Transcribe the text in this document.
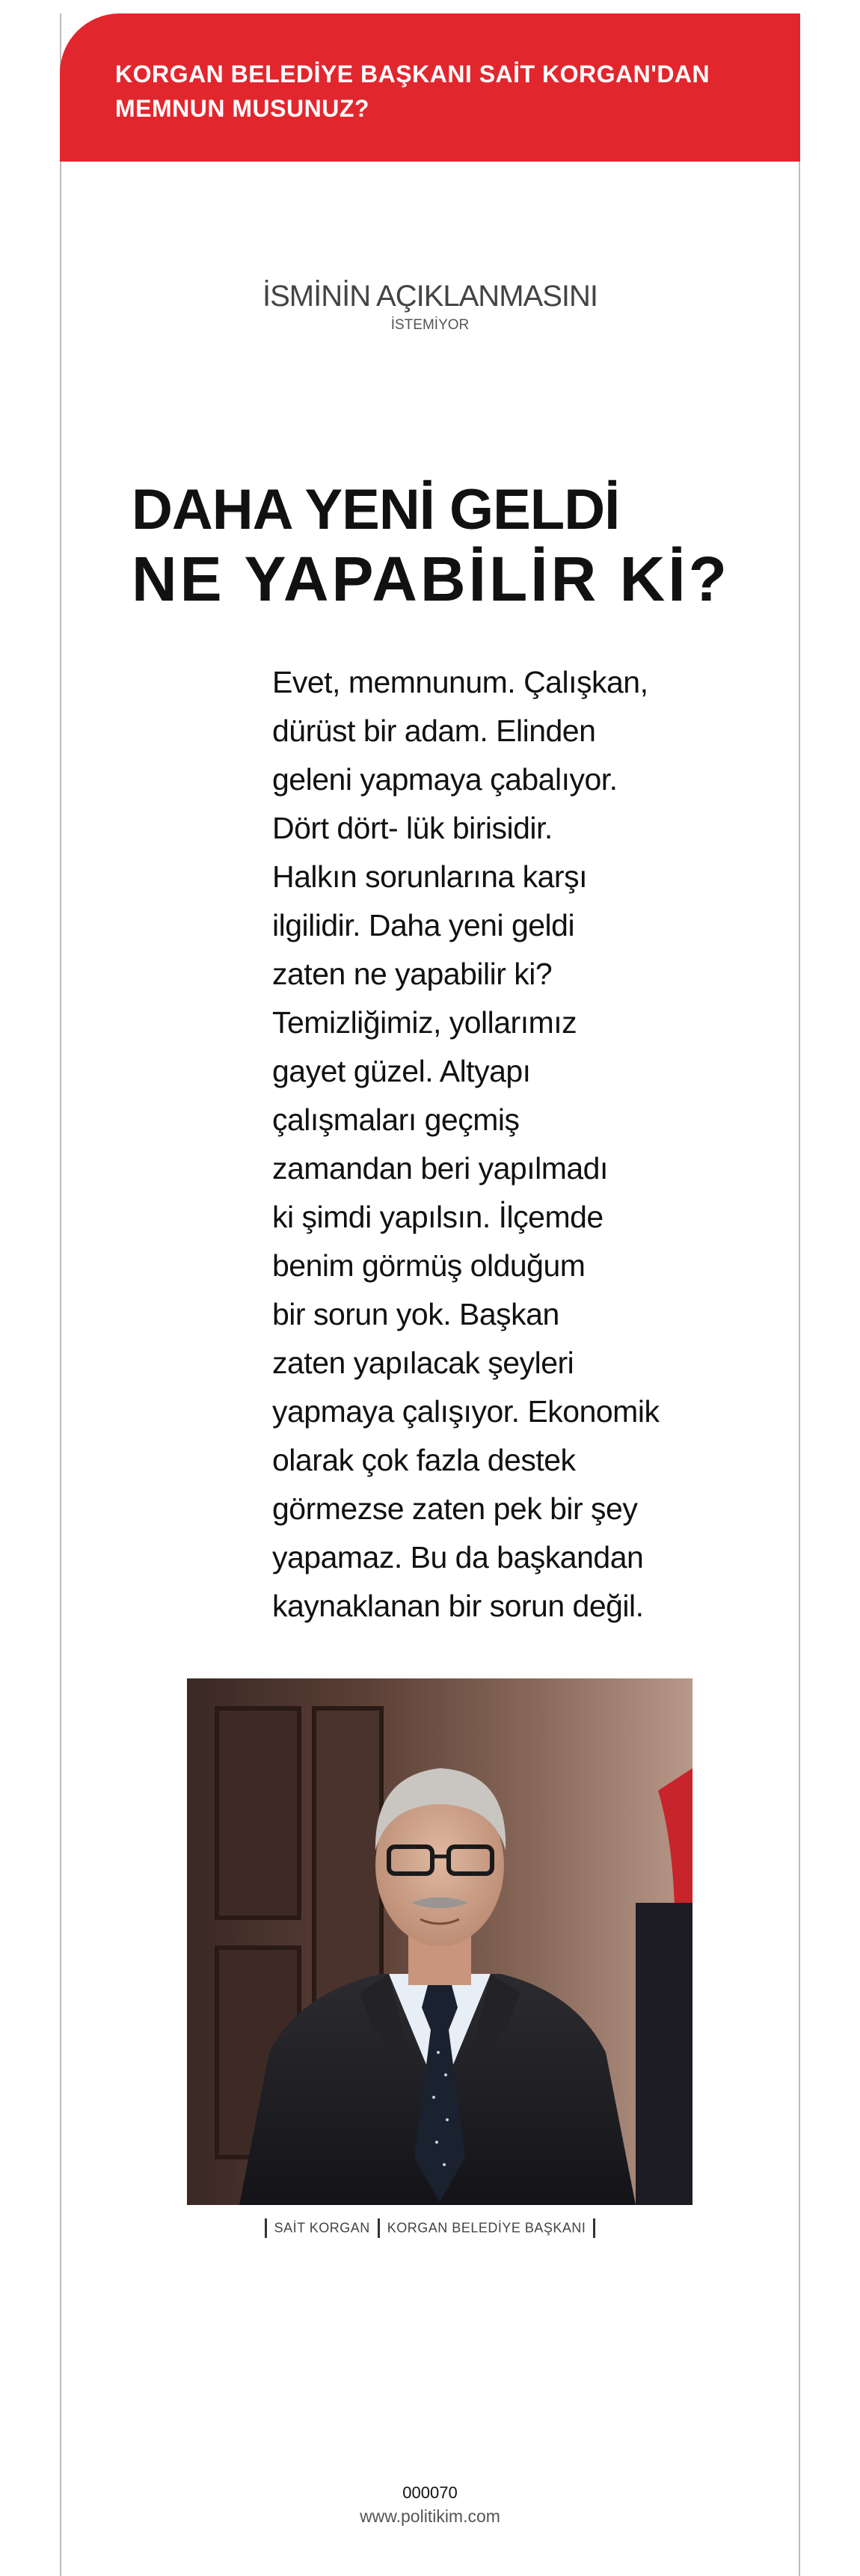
KORGAN BELEDİYE BAŞKANI SAİT KORGAN'DAN
MEMNUN MUSUNUZ?

İSMİNİN AÇIKLANMASINI
İSTEMİYOR
DAHA YENİ GELDİ
NE YAPABİLİR Kİ?

Evet, memnunum. Çalışkan,
dürüst bir adam. Elinden
geleni yapmaya çabalıyor.
Dört dört- lük birisidir.
Halkın sorunlarına karşı
ilgilidir. Daha yeni geldi
zaten ne yapabilir ki?
Temizliğimiz, yollarımız
gayet güzel. Altyapı
çalışmaları geçmiş
zamandan beri yapılmadı
ki şimdi yapılsın. İlçemde
benim görmüş olduğum
bir sorun yok. Başkan
zaten yapılacak şeyleri
yapmaya çalışıyor. Ekonomik
olarak çok fazla destek
görmezse zaten pek bir şey
yapamaz. Bu da başkandan
kaynaklanan bir sorun değil.

SAİT KORGAN KORGAN BELEDİYE BAŞKANI
000070
www.politikim.com
